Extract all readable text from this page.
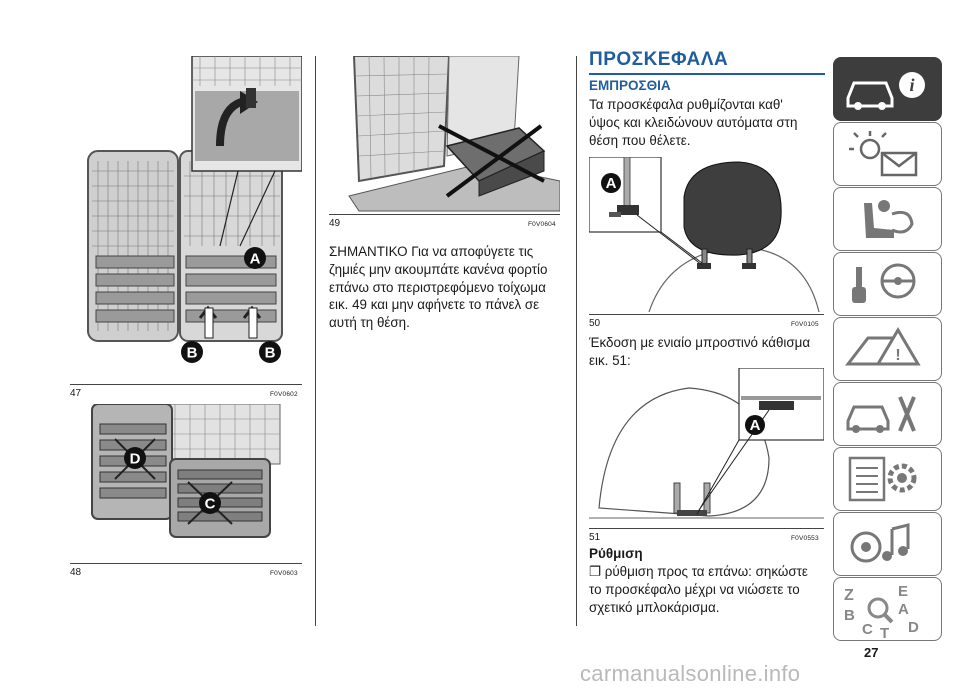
A
B	B
47	F0V0602
D
C
48	F0V0603
49	F0V0604
ΣΗΜΑΝΤΙΚΟ Για να αποφύγετε τις
ζημιές μην ακουμπάτε κανένα φορτίο
επάνω στο περιστρεφόμενο τοίχωμα
εικ. 49 και μην αφήνετε το πάνελ σε
αυτή τη θέση.
ΠΡΟΣΚΕΦΑΛΑ
ΕΜΠΡΟΣΘΙΑ
Τα προσκέφαλα ρυθμίζονται καθ'
ύψος και κλειδώνουν αυτόματα στη
θέση που θέλετε.
A
50	F0V0105
Έκδοση με ενιαίο μπροστινό κάθισμα
εικ. 51:
A
51	F0V0553
Ρύθμιση
❐ ρύθμιση προς τα επάνω: σηκώστε
το προσκέφαλο μέχρι να νιώσετε το
σχετικό μπλοκάρισμα.
i
!
Z	E
B	A
C T D
27
carmanualsonline.info
